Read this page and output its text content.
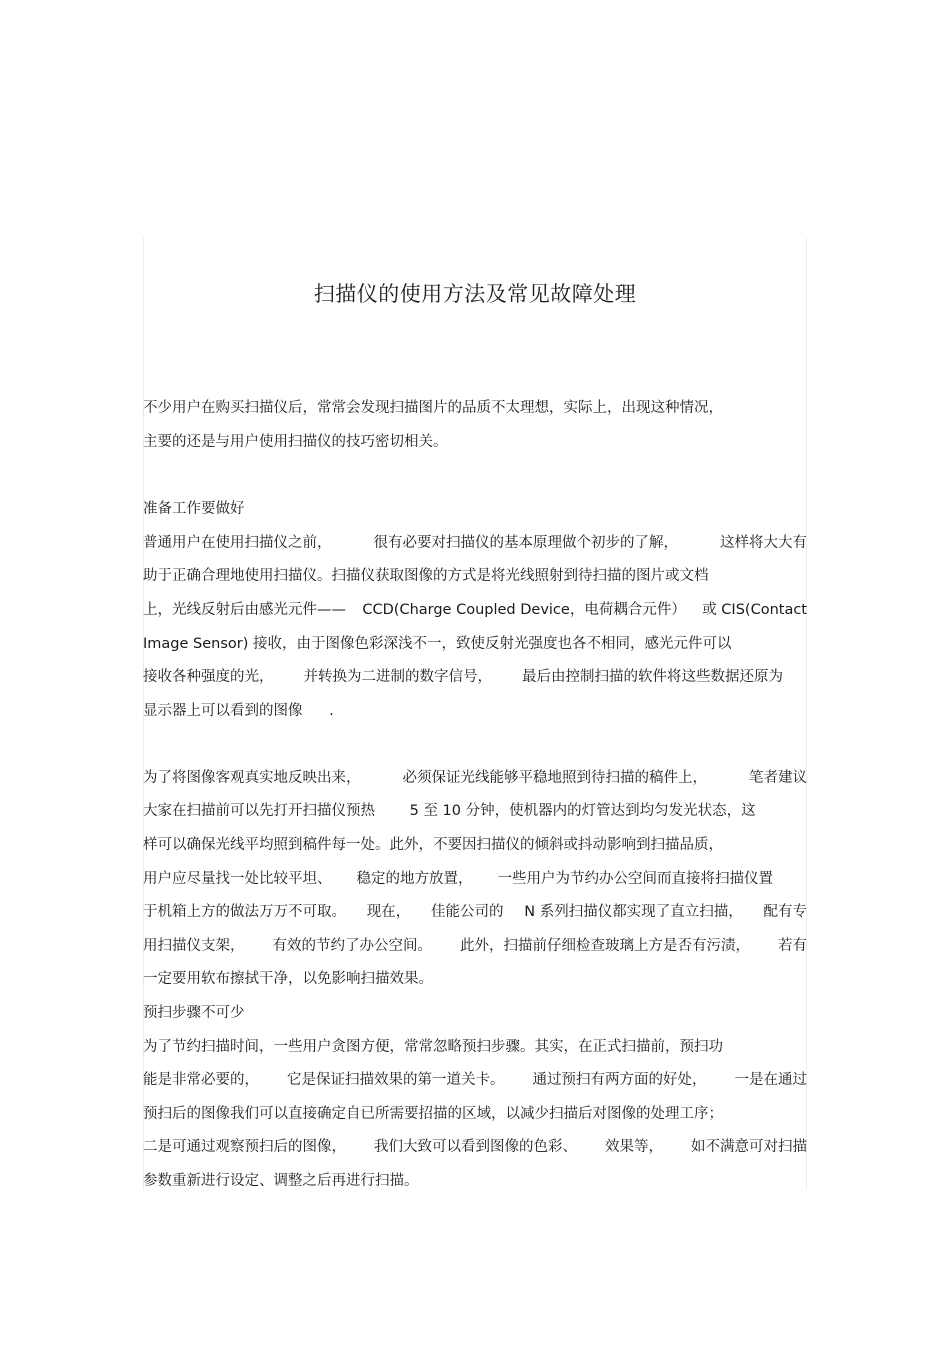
扫描仪的使用方法及常见故障处理
不少用户在购买扫描仪后，常常会发现扫描图片的品质不太理想，实际上，出现这种情况，
主要的还是与用户使用扫描仪的技巧密切相关。
准备工作要做好
普通用户在使用扫描仪之前，	很有必要对扫描仪的基本原理做个初步的了解，	这样将大大有
助于正确合理地使用扫描仪。扫描仪获取图像的方式是将光线照射到待扫描的图片或文档
上，光线反射后由感光元件—— CCD(Charge Coupled Device，电荷耦合元件） 或 CIS(Contact
Image Sensor) 接收，由于图像色彩深浅不一，致使反射光强度也各不相同，感光元件可以
接收各种强度的光， 并转换为二进制的数字信号， 最后由控制扫描的软件将这些数据还原为
显示器上可以看到的图像 .
为了将图像客观真实地反映出来，	必须保证光线能够平稳地照到待扫描的稿件上，	笔者建议
大家在扫描前可以先打开扫描仪预热 5 至 10 分钟，使机器内的灯管达到均匀发光状态，这
样可以确保光线平均照到稿件每一处。此外，不要因扫描仪的倾斜或抖动影响到扫描品质，
用户应尽量找一处比较平坦、 稳定的地方放置， 一些用户为节约办公空间而直接将扫描仪置
于机箱上方的做法万万不可取。 现在， 佳能公司的 N 系列扫描仪都实现了直立扫描， 配有专
用扫描仪支架， 有效的节约了办公空间。 此外，扫描前仔细检查玻璃上方是否有污渍， 若有
一定要用软布擦拭干净，以免影响扫描效果。
预扫步骤不可少
为了节约扫描时间，一些用户贪图方便，常常忽略预扫步骤。其实，在正式扫描前，预扫功
能是非常必要的， 它是保证扫描效果的第一道关卡。 通过预扫有两方面的好处， 一是在通过
预扫后的图像我们可以直接确定自已所需要招描的区域，以减少扫描后对图像的处理工序；
二是可通过观察预扫后的图像， 我们大致可以看到图像的色彩、 效果等， 如不满意可对扫描
参数重新进行设定、调整之后再进行扫描。
